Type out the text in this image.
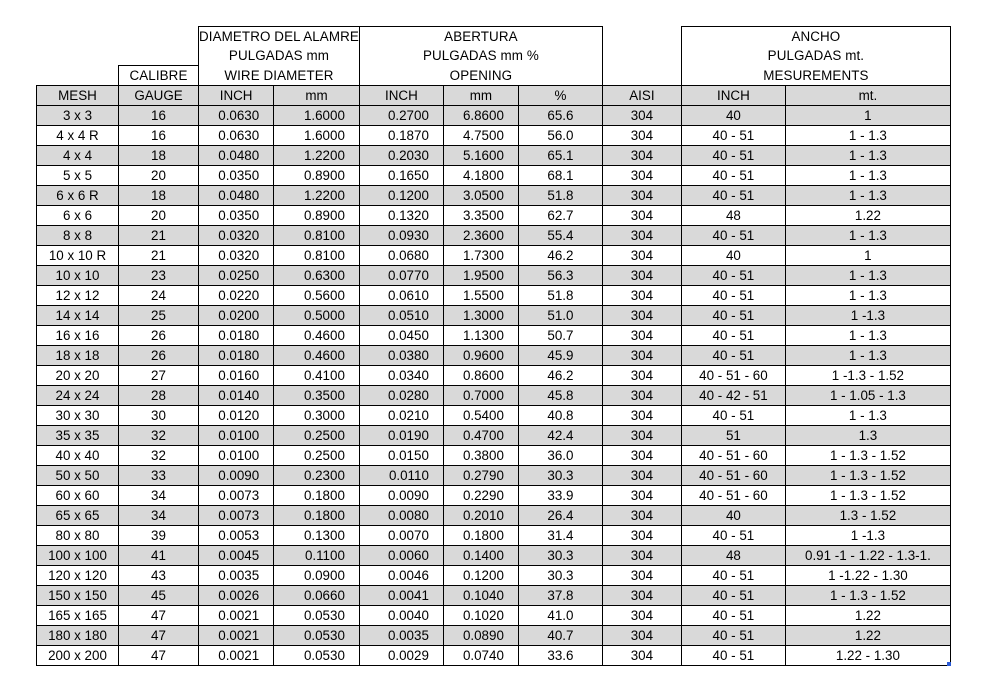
		DIAMETRO DEL ALAMRE		ABERTURA				ANCHO	
		PULGADAS mm		PULGADAS mm %				PULGADAS mt.	
	CALIBRE	WIRE DIAMETER		OPENING				MESUREMENTS	
MESH	GAUGE	INCH	mm	INCH	mm	%	AISI	INCH	mt.
3 x 3	16	0.0630	1.6000	0.2700	6.8600	65.6	304	40	1
4 x 4 R	16	0.0630	1.6000	0.1870	4.7500	56.0	304	40 - 51	1 - 1.3
4 x 4	18	0.0480	1.2200	0.2030	5.1600	65.1	304	40 - 51	1 - 1.3
5 x 5	20	0.0350	0.8900	0.1650	4.1800	68.1	304	40 - 51	1 - 1.3
6 x 6 R	18	0.0480	1.2200	0.1200	3.0500	51.8	304	40 - 51	1 - 1.3
6 x 6	20	0.0350	0.8900	0.1320	3.3500	62.7	304	48	1.22
8 x 8	21	0.0320	0.8100	0.0930	2.3600	55.4	304	40 - 51	1 - 1.3
10 x 10 R	21	0.0320	0.8100	0.0680	1.7300	46.2	304	40	1
10 x 10	23	0.0250	0.6300	0.0770	1.9500	56.3	304	40 - 51	1 - 1.3
12 x 12	24	0.0220	0.5600	0.0610	1.5500	51.8	304	40 - 51	1 - 1.3
14 x 14	25	0.0200	0.5000	0.0510	1.3000	51.0	304	40 - 51	1 -1.3
16 x 16	26	0.0180	0.4600	0.0450	1.1300	50.7	304	40 - 51	1 - 1.3
18 x 18	26	0.0180	0.4600	0.0380	0.9600	45.9	304	40 - 51	1 - 1.3
20 x 20	27	0.0160	0.4100	0.0340	0.8600	46.2	304	40 - 51 - 60	1 -1.3 - 1.52
24 x 24	28	0.0140	0.3500	0.0280	0.7000	45.8	304	40 - 42 - 51	1 - 1.05 - 1.3
30 x 30	30	0.0120	0.3000	0.0210	0.5400	40.8	304	40 - 51	1 - 1.3
35 x 35	32	0.0100	0.2500	0.0190	0.4700	42.4	304	51	1.3
40 x 40	32	0.0100	0.2500	0.0150	0.3800	36.0	304	40 - 51 - 60	1 - 1.3 - 1.52
50 x 50	33	0.0090	0.2300	0.0110	0.2790	30.3	304	40 - 51 - 60	1 - 1.3 - 1.52
60 x 60	34	0.0073	0.1800	0.0090	0.2290	33.9	304	40 - 51 - 60	1 - 1.3 - 1.52
65 x 65	34	0.0073	0.1800	0.0080	0.2010	26.4	304	40	1.3 - 1.52
80 x 80	39	0.0053	0.1300	0.0070	0.1800	31.4	304	40 - 51	1 -1.3
100 x 100	41	0.0045	0.1100	0.0060	0.1400	30.3	304	48	0.91 -1 - 1.22 - 1.3-1.
120 x 120	43	0.0035	0.0900	0.0046	0.1200	30.3	304	40 - 51	1 -1.22 - 1.30
150 x 150	45	0.0026	0.0660	0.0041	0.1040	37.8	304	40 - 51	1 - 1.3 - 1.52
165 x 165	47	0.0021	0.0530	0.0040	0.1020	41.0	304	40 - 51	1.22
180 x 180	47	0.0021	0.0530	0.0035	0.0890	40.7	304	40 - 51	1.22
200 x 200	47	0.0021	0.0530	0.0029	0.0740	33.6	304	40 - 51	1.22 - 1.30
